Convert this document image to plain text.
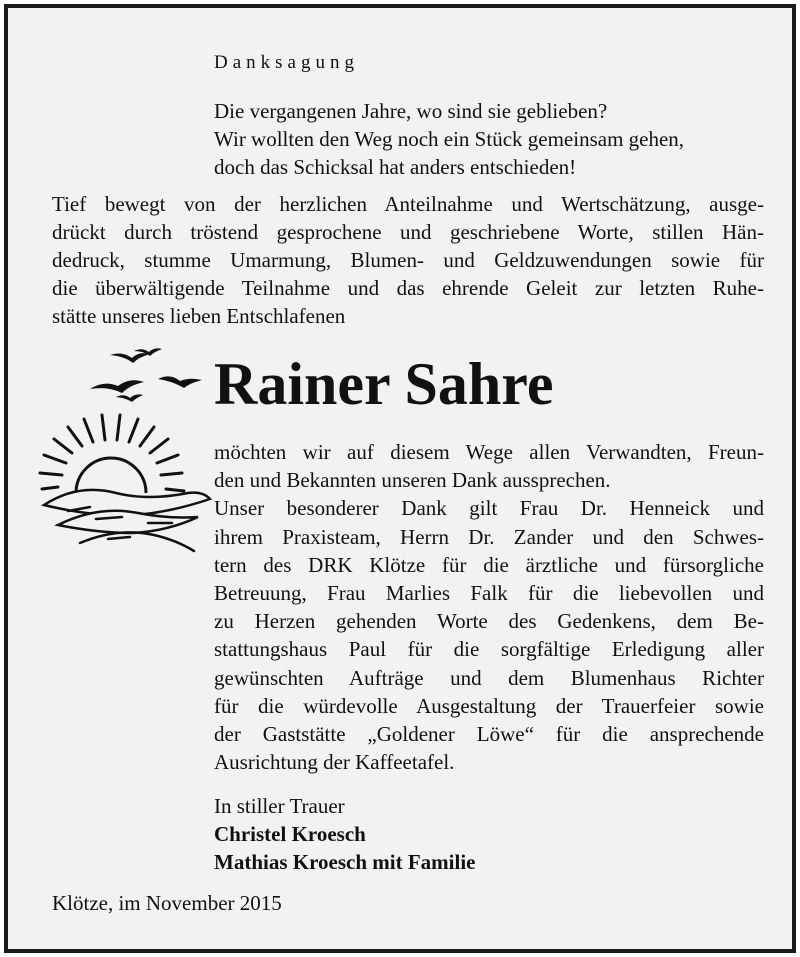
Danksagung
Die vergangenen Jahre, wo sind sie geblieben?
Wir wollten den Weg noch ein Stück gemeinsam gehen,
doch das Schicksal hat anders entschieden!
Tief bewegt von der herzlichen Anteilnahme und Wertschätzung, ausge-
drückt durch tröstend gesprochene und geschriebene Worte, stillen Hän-
dedruck, stumme Umarmung, Blumen- und Geldzuwendungen sowie für
die überwältigende Teilnahme und das ehrende Geleit zur letzten Ruhe-
stätte unseres lieben Entschlafenen
Rainer Sahre
möchten wir auf diesem Wege allen Verwandten, Freun-
den und Bekannten unseren Dank aussprechen.
Unser besonderer Dank gilt Frau Dr. Henneick und
ihrem Praxisteam, Herrn Dr. Zander und den Schwes-
tern des DRK Klötze für die ärztliche und fürsorgliche
Betreuung, Frau Marlies Falk für die liebevollen und
zu Herzen gehenden Worte des Gedenkens, dem Be-
stattungshaus Paul für die sorgfältige Erledigung aller
gewünschten Aufträge und dem Blumenhaus Richter
für die würdevolle Ausgestaltung der Trauerfeier sowie
der Gaststätte „Goldener Löwe“ für die ansprechende
Ausrichtung der Kaffeetafel.
In stiller Trauer
Christel Kroesch
Mathias Kroesch mit Familie
Klötze, im November 2015
